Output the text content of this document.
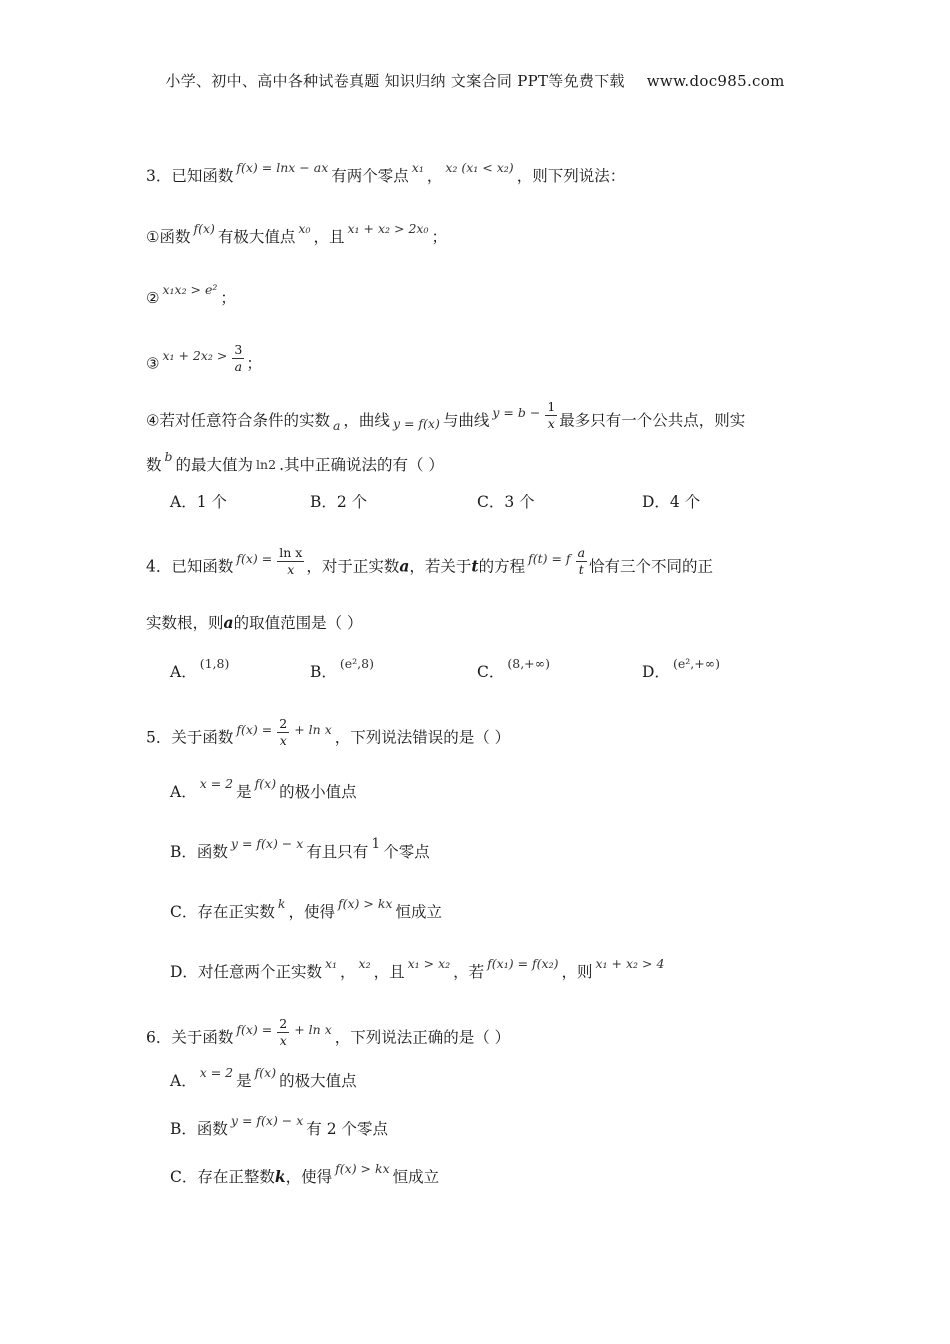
小学、初中、高中各种试卷真题 知识归纳 文案合同 PPT等免费下载 www.doc985.com
3．已知函数 $^{f(x) = lnx - ax}$ 有两个零点 $^{x_1}$ ， $^{x_2 (x_1 < x_2)}$ ，则下列说法：
①函数 $^{f(x)}$ 有极大值点 $^{x_0}$ ，且 $^{x_1 + x_2 > 2x_0}$ ；
② $^{x_1x_2 > e^2}$ ；
③ $^{x_1 + 2x_2 >} \frac{3}{a}$ ；
④若对任意符合条件的实数 $_a$ ，曲线 y = f(x) 与曲线 $^{y = b -} \frac{1}{x}$ 最多只有一个公共点，则实
数 $^b$ 的最大值为 ln2 .其中正确说法的有（ ）
A．1 个	B．2 个	C．3 个	D．4 个
4．已知函数 $^{f(x) =} \frac{\text{ln x}}{x}$ ，对于正实数a，若关于t的方程 $^{f(t) = f} \frac{a}{t}$ 恰有三个不同的正
实数根，则a的取值范围是（ ）
A． $^{(1,8)}$	B． $^{(e^2,8)}$	C． $^{(8,+\infty)}$	D． $^{(e^2,+\infty)}$
5．关于函数 $^{f(x) =} \frac{2}{x} ^{+ ln x}$ ，下列说法错误的是（ ）
A． $^{x = 2}$ 是 $^{f(x)}$ 的极小值点
B．函数 $^{y = f(x) - x}$ 有且只有 1 个零点
C．存在正实数 $^k$ ，使得 $^{f(x) > kx}$ 恒成立
D．对任意两个正实数 $^{x_1}$ ， $^{x_2}$ ，且 $^{x_1 > x_2}$ ，若 $^{f(x_1) = f(x_2)}$ ，则 $^{x_1 + x_2 > 4}$
6．关于函数 $^{f(x) =} \frac{2}{x} ^{+ ln x}$ ，下列说法正确的是（ ）
A． $^{x = 2}$ 是 $^{f(x)}$ 的极大值点
B．函数 $^{y = f(x) - x}$ 有 2 个零点
C．存在正整数k，使得 $^{f(x) > kx}$ 恒成立
